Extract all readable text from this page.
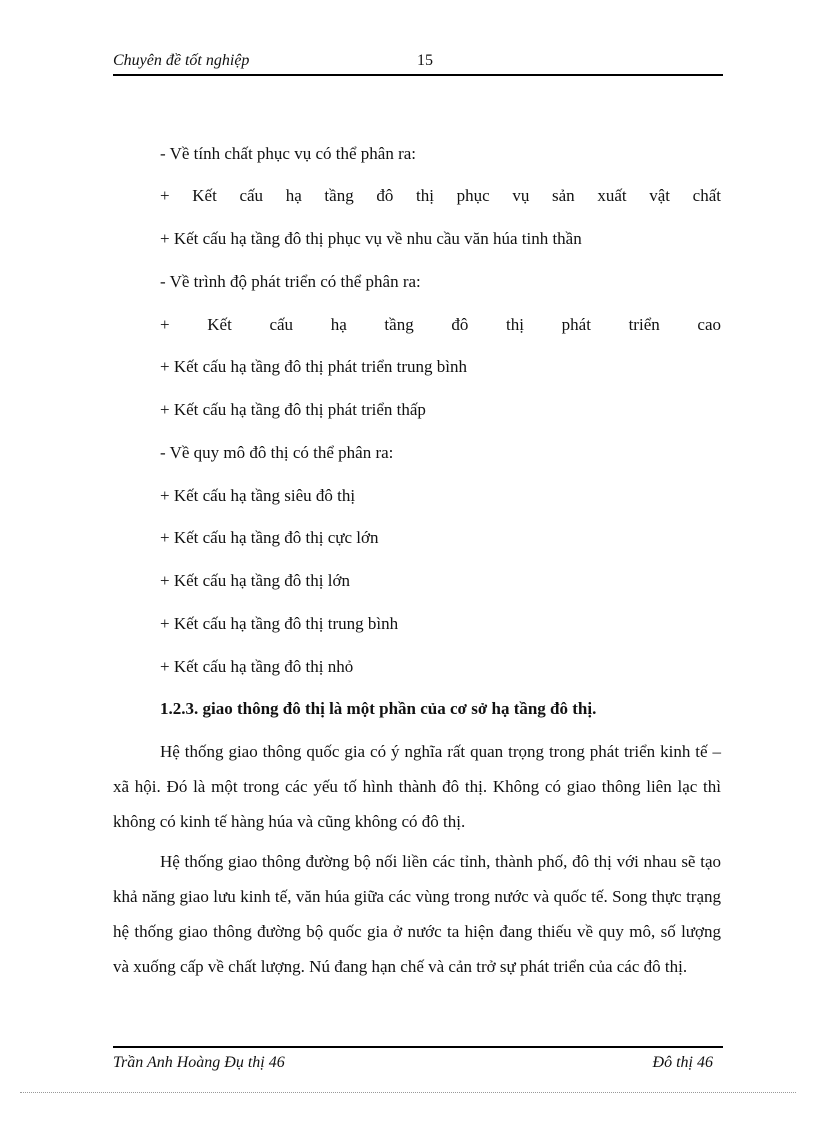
Chuyên đề tốt nghiệp	15
- Về tính chất phục vụ có thể phân ra:
+ Kết cấu hạ tầng đô thị phục vụ sản xuất vật chất
+ Kết cấu hạ tầng đô thị phục vụ về nhu cầu văn húa tinh thần
- Về trình độ phát triển có thể phân ra:
+ Kết cấu hạ tầng đô thị phát triển cao
+ Kết cấu hạ tầng đô thị phát triển trung bình
+ Kết cấu hạ tầng đô thị phát triển thấp
- Về quy mô đô thị có thể phân ra:
+ Kết cấu hạ tầng siêu đô thị
+ Kết cấu hạ tầng đô thị cực lớn
+ Kết cấu hạ tầng đô thị lớn
+ Kết cấu hạ tầng đô thị trung bình
+ Kết cấu hạ tầng đô thị nhỏ
1.2.3. giao thông đô thị là một phần của cơ sở hạ tầng đô thị.
Hệ thống giao thông quốc gia có ý nghĩa rất quan trọng trong phát triển kinh tế – xã hội. Đó là một trong các yếu tố hình thành đô thị. Không có giao thông liên lạc thì không có kinh tế hàng húa và cũng không có đô thị.
Hệ thống giao thông đường bộ nối liền các tỉnh, thành phố, đô thị với nhau sẽ tạo khả năng giao lưu kinh tế, văn húa giữa các vùng trong nước và quốc tế. Song thực trạng hệ thống giao thông đường bộ quốc gia ở nước ta hiện đang thiếu về quy mô, số lượng và xuống cấp về chất lượng. Nú đang hạn chế và cản trở sự phát triển của các đô thị.
Trần Anh Hoàng Đụ thị 46	Đô thị 46
